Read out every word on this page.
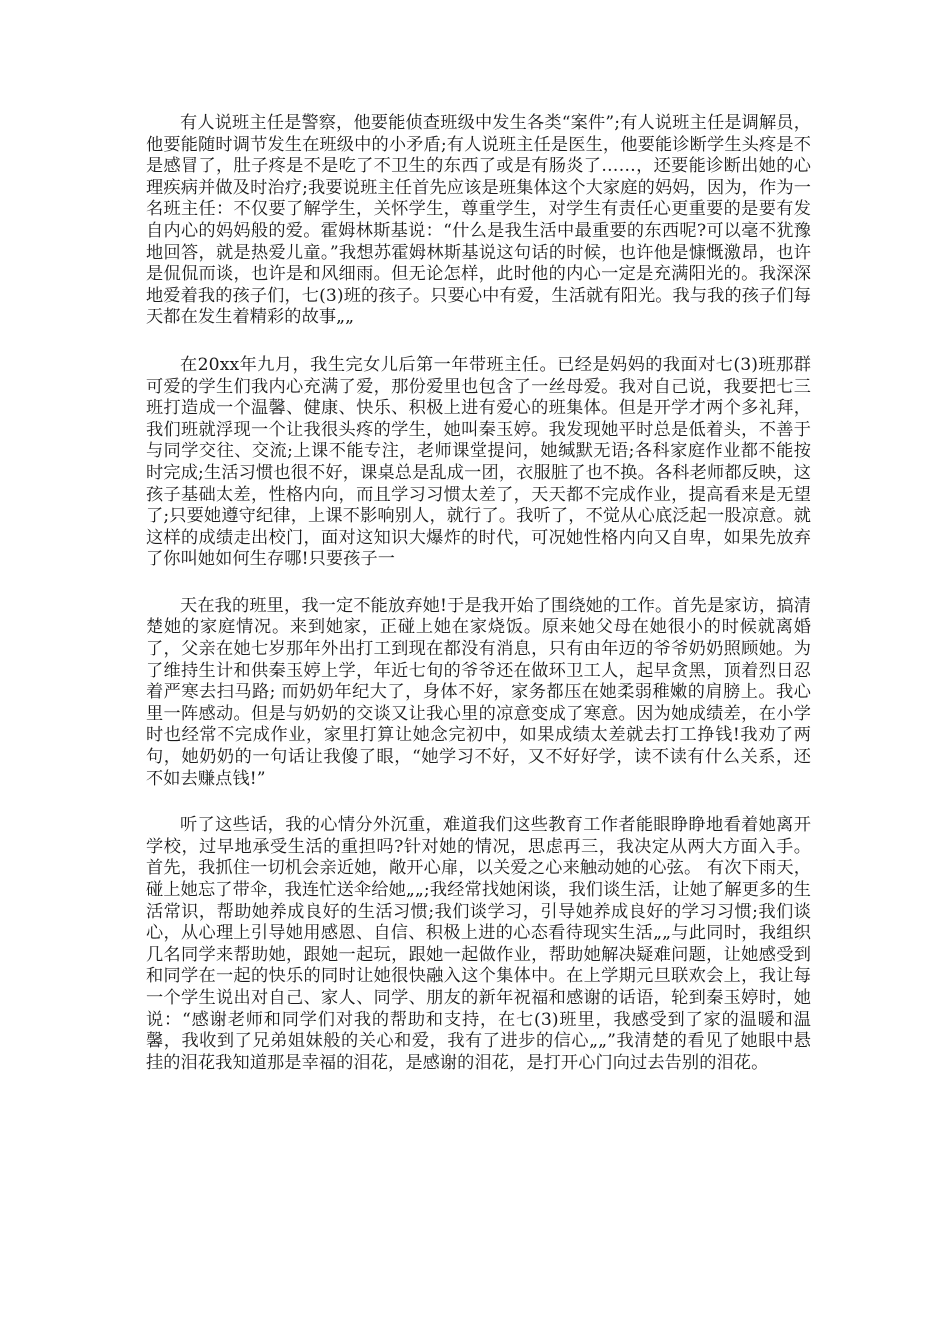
有人说班主任是警察，他要能侦查班级中发生各类“案件”;有人说班主任是调解员，他要能随时调节发生在班级中的小矛盾;有人说班主任是医生，他要能诊断学生头疼是不是感冒了，肚子疼是不是吃了不卫生的东西了或是有肠炎了……，还要能诊断出她的心理疾病并做及时治疗;我要说班主任首先应该是班集体这个大家庭的妈妈，因为，作为一名班主任：不仅要了解学生，关怀学生，尊重学生，对学生有责任心更重要的是要有发自内心的妈妈般的爱。霍姆林斯基说：“什么是我生活中最重要的东西呢?可以毫不犹豫地回答，就是热爱儿童。”我想苏霍姆林斯基说这句话的时候，也许他是慷慨激昂，也许是侃侃而谈，也许是和风细雨。但无论怎样，此时他的内心一定是充满阳光的。我深深地爱着我的孩子们，七(3)班的孩子。只要心中有爱，生活就有阳光。我与我的孩子们每天都在发生着精彩的故事„„

在20xx年九月，我生完女儿后第一年带班主任。已经是妈妈的我面对七(3)班那群可爱的学生们我内心充满了爱，那份爱里也包含了一丝母爱。我对自己说，我要把七三班打造成一个温馨、健康、快乐、积极上进有爱心的班集体。但是开学才两个多礼拜，我们班就浮现一个让我很头疼的学生，她叫秦玉婷。我发现她平时总是低着头，不善于与同学交往、交流;上课不能专注，老师课堂提问，她缄默无语;各科家庭作业都不能按时完成;生活习惯也很不好，课桌总是乱成一团，衣服脏了也不换。各科老师都反映，这孩子基础太差，性格内向，而且学习习惯太差了，天天都不完成作业，提高看来是无望了;只要她遵守纪律，上课不影响别人，就行了。我听了，不觉从心底泛起一股凉意。就这样的成绩走出校门，面对这知识大爆炸的时代，可况她性格内向又自卑，如果先放弃了你叫她如何生存哪!只要孩子一

天在我的班里，我一定不能放弃她!于是我开始了围绕她的工作。首先是家访，搞清楚她的家庭情况。来到她家，正碰上她在家烧饭。原来她父母在她很小的时候就离婚了，父亲在她七岁那年外出打工到现在都没有消息，只有由年迈的爷爷奶奶照顾她。为了维持生计和供秦玉婷上学，年近七旬的爷爷还在做环卫工人，起早贪黑，顶着烈日忍着严寒去扫马路; 而奶奶年纪大了，身体不好，家务都压在她柔弱稚嫩的肩膀上。我心里一阵感动。但是与奶奶的交谈又让我心里的凉意变成了寒意。因为她成绩差，在小学时也经常不完成作业，家里打算让她念完初中，如果成绩太差就去打工挣钱!我劝了两句，她奶奶的一句话让我傻了眼，“她学习不好，又不好好学，读不读有什么关系，还不如去赚点钱!”

听了这些话，我的心情分外沉重，难道我们这些教育工作者能眼睁睁地看着她离开学校，过早地承受生活的重担吗?针对她的情况，思虑再三，我决定从两大方面入手。首先，我抓住一切机会亲近她，敞开心扉，以关爱之心来触动她的心弦。 有次下雨天，碰上她忘了带伞，我连忙送伞给她„„;我经常找她闲谈，我们谈生活，让她了解更多的生活常识，帮助她养成良好的生活习惯;我们谈学习，引导她养成良好的学习习惯;我们谈心，从心理上引导她用感恩、自信、积极上进的心态看待现实生活„„与此同时，我组织几名同学来帮助她，跟她一起玩，跟她一起做作业，帮助她解决疑难问题，让她感受到和同学在一起的快乐的同时让她很快融入这个集体中。在上学期元旦联欢会上，我让每一个学生说出对自己、家人、同学、朋友的新年祝福和感谢的话语，轮到秦玉婷时，她说：“感谢老师和同学们对我的帮助和支持，在七(3)班里，我感受到了家的温暖和温馨，我收到了兄弟姐妹般的关心和爱，我有了进步的信心„„”我清楚的看见了她眼中悬挂的泪花我知道那是幸福的泪花，是感谢的泪花，是打开心门向过去告别的泪花。
